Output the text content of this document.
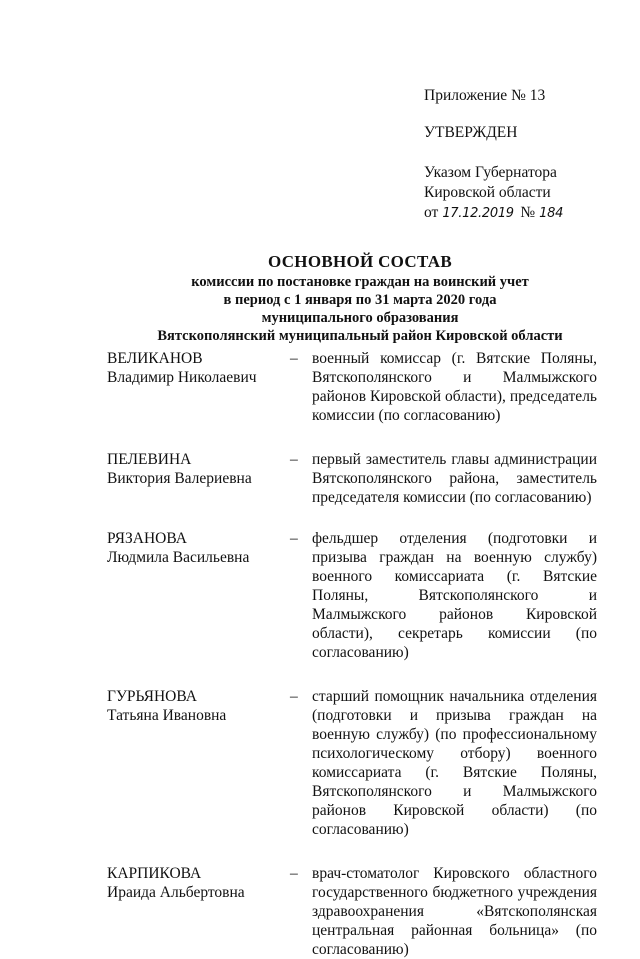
Приложение № 13
УТВЕРЖДЕН
Указом Губернатора
Кировской области
от 17.12.2019 № 184
ОСНОВНОЙ СОСТАВ
комиссии по постановке граждан на воинский учет
в период с 1 января по 31 марта 2020 года
муниципального образования
Вятскополянский муниципальный район Кировской области
ВЕЛИКАНОВ
Владимир Николаевич
– военный комиссар (г. Вятские Поляны, Вятскополянского и Малмыжского районов Кировской области), председатель комиссии (по согласованию)
ПЕЛЕВИНА
Виктория Валериевна
– первый заместитель главы администрации Вятскополянского района, заместитель председателя комиссии (по согласованию)
РЯЗАНОВА
Людмила Васильевна
– фельдшер отделения (подготовки и призыва граждан на военную службу) военного комиссариата (г. Вятские Поляны, Вятскополянского и Малмыжского районов Кировской области), секретарь комиссии (по согласованию)
ГУРЬЯНОВА
Татьяна Ивановна
– старший помощник начальника отделения (подготовки и призыва граждан на военную службу) (по профессиональному психологическому отбору) военного комиссариата (г. Вятские Поляны, Вятскополянского и Малмыжского районов Кировской области) (по согласованию)
КАРПИКОВА
Ираида Альбертовна
– врач-стоматолог Кировского областного государственного бюджетного учреждения здравоохранения «Вятскополянская центральная районная больница» (по согласованию)
